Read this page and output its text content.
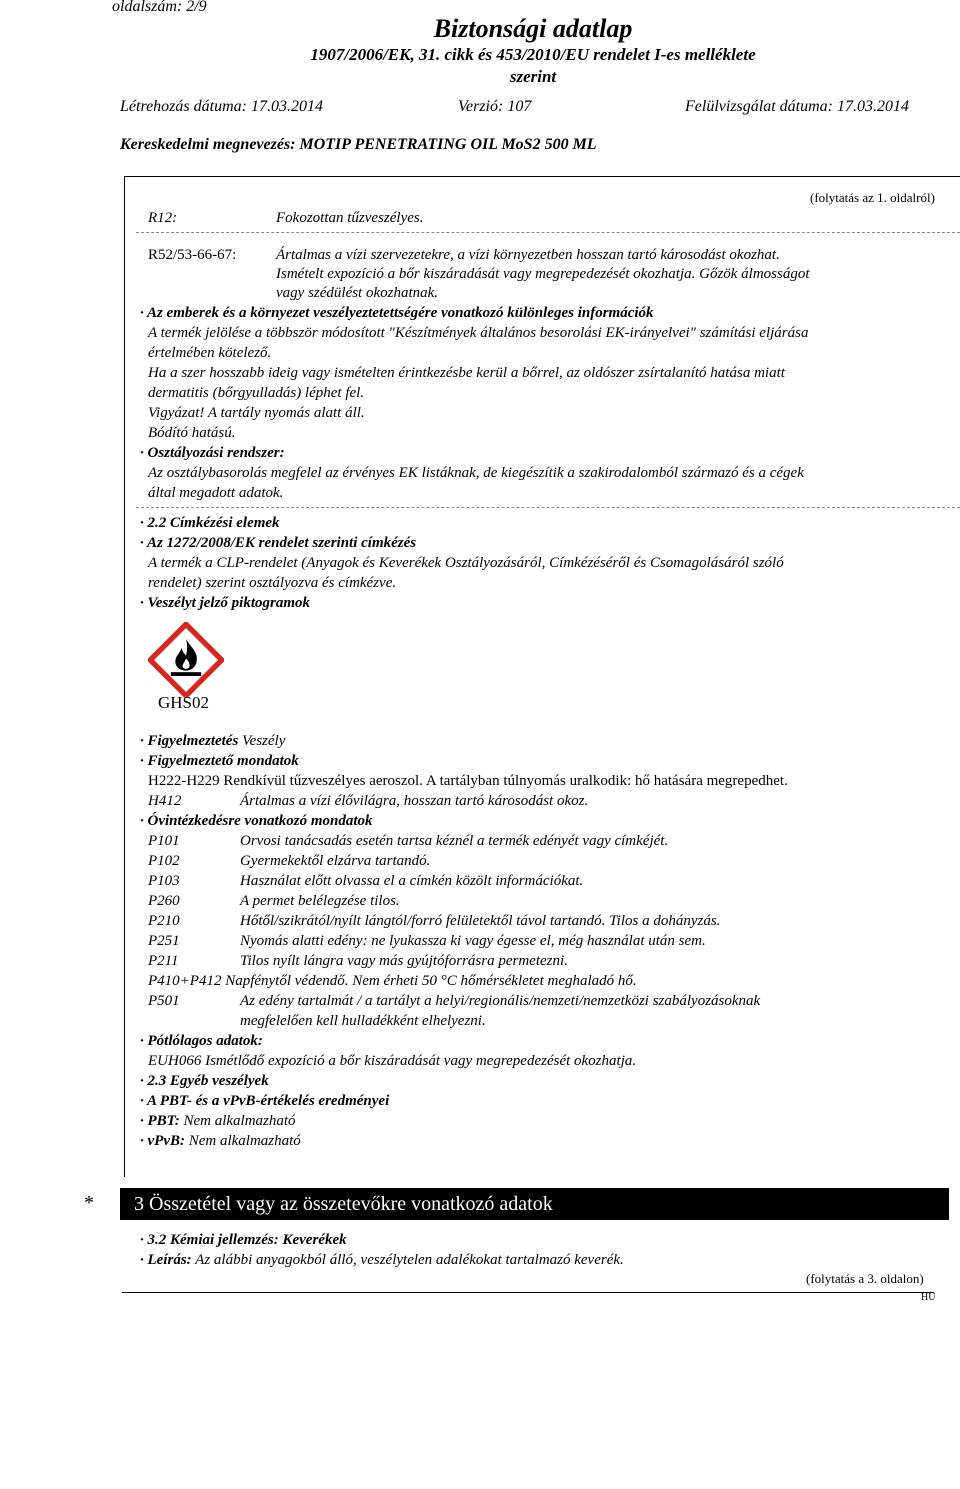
oldalszám: 2/9
Biztonsági adatlap
1907/2006/EK, 31. cikk és 453/2010/EU rendelet I-es melléklete
szerint
Létrehozás dátuma: 17.03.2014	Verzió: 107	Felülvizsgálat dátuma: 17.03.2014
Kereskedelmi megnevezés: MOTIP PENETRATING OIL MoS2 500 ML
(folytatás az 1. oldalról)
R12:	Fokozottan tűzveszélyes.
R52/53-66-67:	Ártalmas a vízi szervezetekre, a vízi környezetben hosszan tartó károsodást okozhat.
Ismételt expozíció a bőr kiszáradását vagy megrepedezését okozhatja. Gőzök álmosságot
vagy szédülést okozhatnak.
· Az emberek és a környezet veszélyeztetettségére vonatkozó különleges információk
A termék jelölése a többször módosított "Készítmények általános besorolási EK-irányelvei" számítási eljárása
értelmében kötelező.
Ha a szer hosszabb ideig vagy ismételten érintkezésbe kerül a bőrrel, az oldószer zsírtalanító hatása miatt
dermatitis (bőrgyulladás) léphet fel.
Vigyázat! A tartály nyomás alatt áll.
Bódító hatású.
· Osztályozási rendszer:
Az osztálybasorolás megfelel az érvényes EK listáknak, de kiegészítik a szakirodalomból származó és a cégek
által megadott adatok.
· 2.2 Címkézési elemek
· Az 1272/2008/EK rendelet szerinti címkézés
A termék a CLP-rendelet (Anyagok és Keverékek Osztályozásáról, Címkézéséről és Csomagolásáról szóló
rendelet) szerint osztályozva és címkézve.
· Veszélyt jelző piktogramok
GHS02
· Figyelmeztetés Veszély
· Figyelmeztető mondatok
H222-H229 Rendkívül tűzveszélyes aeroszol. A tartályban túlnyomás uralkodik: hő hatására megrepedhet.
H412	Ártalmas a vízi élővilágra, hosszan tartó károsodást okoz.
· Óvintézkedésre vonatkozó mondatok
P101	Orvosi tanácsadás esetén tartsa kéznél a termék edényét vagy címkéjét.
P102	Gyermekektől elzárva tartandó.
P103	Használat előtt olvassa el a címkén közölt információkat.
P260	A permet belélegzése tilos.
P210	Hőtől/szikrától/nyílt lángtól/forró felületektől távol tartandó. Tilos a dohányzás.
P251	Nyomás alatti edény: ne lyukassza ki vagy égesse el, még használat után sem.
P211	Tilos nyílt lángra vagy más gyújtóforrásra permetezni.
P410+P412 Napfénytől védendő. Nem érheti 50 °C hőmérsékletet meghaladó hő.
P501	Az edény tartalmát / a tartályt a helyi/regionális/nemzeti/nemzetközi szabályozásoknak
megfelelően kell hulladékként elhelyezni.
· Pótlólagos adatok:
EUH066 Ismétlődő expozíció a bőr kiszáradását vagy megrepedezését okozhatja.
· 2.3 Egyéb veszélyek
· A PBT- és a vPvB-értékelés eredményei
· PBT: Nem alkalmazható
· vPvB: Nem alkalmazható
*	3 Összetétel vagy az összetevőkre vonatkozó adatok
· 3.2 Kémiai jellemzés: Keverékek
· Leírás: Az alábbi anyagokból álló, veszélytelen adalékokat tartalmazó keverék.
(folytatás a 3. oldalon)
HU
